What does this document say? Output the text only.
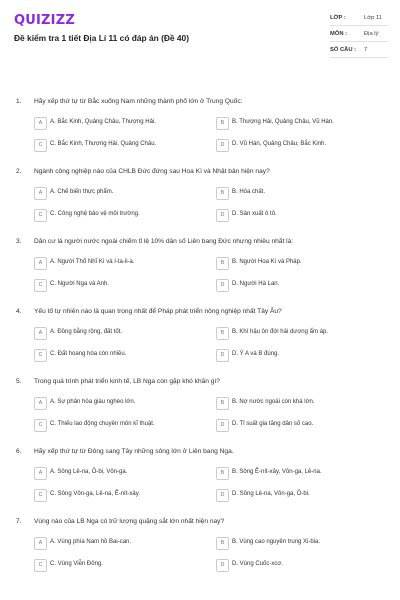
QUIZIZZ
Đề kiểm tra 1 tiết Địa Lí 11 có đáp án (Đề 40)
LỚP :	Lớp 11
MÔN :	Địa lý
SỐ CÂU : 7
1. Hãy xếp thứ tự từ Bắc xuống Nam những thành phố lớn ở Trung Quốc:
A	A. Bắc Kinh, Quảng Châu, Thượng Hải.	B	B. Thượng Hải, Quảng Châu, Vũ Hán.
C	C. Bắc Kinh, Thượng Hải, Quảng Châu.	D	D. Vũ Hán, Quảng Châu, Bắc Kinh.
2. Ngành công nghiệp nào của CHLB Đức đứng sau Hoa Kì và Nhật bản hiện nay?
A	A. Chế biến thực phẩm.	B	B. Hóa chất.
C	C. Công nghệ bảo vệ môi trường.	D	D. Sản xuất ô tô.
3. Dân cư là người nước ngoài chiếm tỉ lệ 10% dân số Liên bang Đức nhưng nhiều nhất là:
A	A. Người Thổ Nhĩ Kì và I-ta-li-a.	B	B. Người Hoa Kì và Pháp.
C	C. Người Nga và Anh.	D	D. Người Hà Lan.
4. Yếu tố tự nhiên nào là quan trọng nhất để Pháp phát triển nông nghiệp nhất Tây Âu?
A	A. Đồng bằng rộng, đất tốt.	B	B. Khí hậu ôn đới hải dương ẩm áp.
C	C. Đất hoang hóa còn nhiều.	D	D. Ý A và B đúng.
5. Trong quá trình phát triển kinh tế, LB Nga còn gặp khó khăn gì?
A	A. Sự phân hóa giàu nghèo lớn.	B	B. Nợ nước ngoài còn khá lớn.
C	C. Thiếu lao động chuyên môn kĩ thuật.	D	D. Tỉ suất gia tăng dân số cao.
6. Hãy xếp thứ tự từ Đông sang Tây những sông lớn ở Liên bang Nga.
A	A. Sông Lê-na, Ô-bi, Vôn-ga.	B	B. Sông Ê-nít-xây, Vôn-ga, Lê-na.
C	C. Sông Vôn-ga, Lê-na, Ê-nít-xây.	D	D. Sông Lê-na, Vôn-ga, Ô-bi.
7. Vùng nào của LB Nga có trữ lượng quặng sắt lớn nhất hiện nay?
A	A. Vùng phía Nam hồ Bai-can.	B	B. Vùng cao nguyên trung Xi-bia.
C	C. Vùng Viễn Đông.	D	D. Vùng Cuốc-xcơ.
